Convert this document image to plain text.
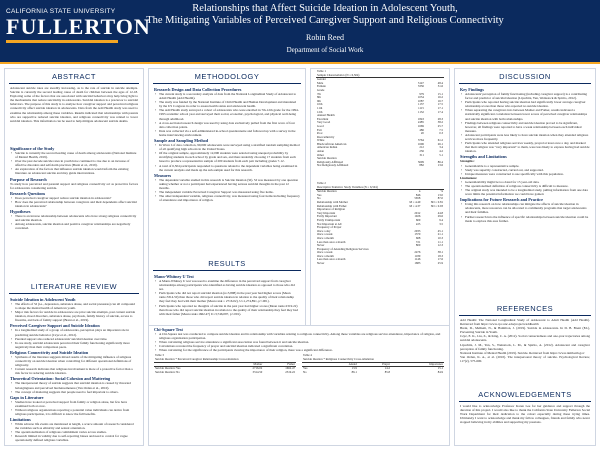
CALIFORNIA STATE UNIVERSITY
FULLERTON
Relationships that Affect Suicide Ideation in Adolescent Youth,
The Mitigating Variables of Perceived Caregiver Support and Religious Connectivity
Robin Reed
Department of Social Work
ABSTRACT
Adolescent suicide rates are steadily increasing, as is the rate of suicide in suicide attempts. Suicide is currently the second leading cause of death for children between the ages of 12-18. Exploring some of the factors that are associated with suicidal behaviors may help bring light to the mechanisms that reduce suicidality in adolescents. Suicidal ideation is a precursor to suicidal behaviors. The purpose of this study is to analyze how caregiver support and perceived religious connectivity affect suicide ideation in adolescents. Data from the Add Health study was used to examine the relationship among these variables. Results indicated that relationships with parents who are supportive reduced suicide ideation, and religious connectivity was related to lower suicidal ideation. This information can be used to help mitigate adolescent suicide deaths.
Significance of the Study
• Suicide is currently the second leading cause of death among adolescents (National Institute of Mental Health, 2019).
• Over the past decade suicide rates in youth have continued to rise due to an increase of affective disorders and self-harm practices (Brent et al., 2019).
• An exploration of the factors that influence suicide ideation would inform the existing literature on adolescent suicide and may guide interventions.
Purpose of Research
To study how perceived and parental support and religious connectivity act as protective factors for adolescents considering suicide.
Research Questions
• Does perceived caregiver support reduce suicide ideation in adolescents?
• How does the perceived relationship between caregivers and their dependents affect suicidal ideation in adolescents?
Hypotheses
• There is an inverse relationship between adolescents who have strong religious connectivity and suicide ideation.
• Among adolescents, suicide ideation and positive caregiver relationships are negatively correlated.
LITERATURE REVIEW
Suicide Ideation in Adolescent Youth
• The effects of SI (i.e., depression, substance abuse, and social pressures) can all compound to shape the mental health of American youth.
• Major risk factors for suicide in adolescence are prior suicide attempts, past current suicide ideation, mood disorders, substance abuse, psychosis, family history of suicide, access to firearms, and lack of family support (Brent et al., 2019).
Perceived Caregiver Support and Suicide Ideation
• In a longitudinal study of a group of adolescents, perception plays an important role in predicting suicide behavior (Czyz et al., 2012).
• Parental support also reduced adolescents' suicidal ideation over time.
• In one study, suicidal adolescents perceived their family functioning significantly more negatively than their comparison peers.
Religious Connectivity and Suicide Ideation
• Synthesis of the literature suggests mixed results of the mitigating influence of religious connectivity on suicide ideation when controlling for different operational definitions of religiosity.
• Current research indicates that religious involvement is more of a protective factor than a risk factor in reducing suicide ideation.
Theoretical Orientation: Social Cohesion and Mattering
• The interpersonal theory of suicide suggests that suicidal ideation is caused by thwarted belongingness and perceived burdensomeness (Van Orden et al., 2010).
• The concept of mattering suggests that people need to feel important to others.
Gaps in Literature
• Studies have looked at perceived support from family or religion alone, but few have examined both at once.
• Without religious organizations reporting a potential value individuals can derive from religious participation, it is difficult to know the full benefits.
Limitations
• While adverse life events are mentioned at length, a scarce amount of research considered the variables such as ethnicity and sexual orientation.
• The operationalization of religious commitment varies across studies.
• Research limited in validity due to self-reporting biases and need to control for vague operationally defined religious variables.
METHODOLOGY
Research Design and Data Collection Procedures
• The current study is a secondary analysis of data from the National Longitudinal Study of Adolescent to Adult Health (Add Health).
• The study was funded by the National Institute of Child Health and Human Development and mandated by the US Congress in order to assess health status and adolescent health.
• The Add Health study surveyed a cohort of adolescents who were enrolled in 7th-12th grade for the 1994-1995 academic school year and surveyed their social, economic, psychological, and physical well-being through adulthood.
• A cross-sectional research design was used by using data exclusively pulled from the first wave of four data collection points.
• Data was collected via a self-administered in-school questionnaire and followed up with a survey in the home interviewing environment.
Sample and Sampling Method
• In Wave I of data collection, 90,000 adolescents were surveyed using a stratified random sampling method of all qualifying high schools in the United States.
• Of the original sample, approximately 12,000 students were selected using unequal probability by stratifying students in each school by grade and sex, and then randomly choosing 17 students from each based to produce a representative sample of 200 students from each pair including grades 7-12.
• A total of 6,504 participants responded to questions related to the dependent variables being examined in the current analysis and made up the sub-sample used for this research.
Measures
• The dependent variable studied in this research is Suicide Ideation (SI). SI was measured by one question asking whether or not a participant had experienced having serious suicidal thoughts in the past 12 months.
• The independent variable Perceived Caregiver Support was measured using five items.
• The other independent variable, religious connectivity, was measured using four items including frequency of attendance and importance of religion.
RESULTS
Mann-Whitney U Test
• A Mann-Whitney U test was used to examine the difference in the perceived support from caregiver relationships among participants who identified as having suicide ideation as opposed to those who did not.
• Participants who did not report suicidal ideation (n=3,898) in the past year had higher scores (Mean rank=3314.50) than those who did report suicide ideation in relation to the quality of their relationship they feel they had with their mother (Mean rank = 2716.02), U=1,274,891, p<.001).
• Participants who reported no thoughts of suicide in the past year had higher scores (Mean rank=2319.22) than those who did report suicide ideation in relation to the quality of their relationship they feel they had with their father (Mean rank=1662.47) U=3,746,097, p<.001).
Table 1		
Sample Characteristics (N = 6,504)		
Gender		
Male	3147	48.4
Female	3356	51.6
Grade		
7th	979	15.1
8th	1054	16.2
9th	1087	16.7
10th	1137	17.5
11th	1115	17.1
12th	1132	17.4
Annual Health		
Excellent	1843	28.3
Very Good	2485	38.2
Good	1669	25.7
Fair	486	7.5
Poor	20	0.3
Race/ethnicity		
White	3764	61.2
Black/African American	1606	26.1
American Indian	212	3.4
Asian	256	4.2
Other	311	5.1
Suicide Ideation		
Religiously Affiliated	5609	86.4
Not Religiously Affiliated	882	13.6
Table 2		
Descriptive Statistics: Study Variables (N = 6,504)		
Suicide Ideation	n	%
Yes	846	13.0
No	5658	87.0
Relationship with Mother	M = 4.49	SD = 0.81
Relationship with Father	M = 4.37	SD = 0.93
Importance of Religion		
Very Important	2912	44.8
Fairly Important	1926	29.6
Fairly Unimportant	609	9.4
Not Important at All	225	3.5
Frequency of Prayer		
Once a day	2933	45.1
Once a week	1370	21.1
Once a month	668	10.3
Less than once a month	721	11.1
Never	800	12.3
Frequency of Attending Religious Services		
Once a week	2476	38.1
Once a month	1189	18.3
Less than once a month	1146	17.6
Never	1683	25.9
Chi-Square Test
• A Chi-Square test was conducted to compare suicide ideation and its relationship with variables relating to religious connectivity. Among these variables are religious service attendance, importance of religion, and religious organization participation.
• When calculating religious service attendance a significant association was found between it and suicide ideation.
• Calculations revealed the frequency of prayer and suicidal ideation indicated a significant correlation.
• When calculating for the significance of the participants viewing the importance of their religion, there was a significant difference.
Table 3		
Suicide Ideation * Perceived Caregiver Relationship Cross-tabulation		
	Mother	Father
Suicide Ideation: Yes	2716.02	1662.47
Suicide Ideation: No	3314.50	2319.22
Table 4			
Suicide Ideation * Religious Connectivity Cross-tabulation			
	Attend	Prayer	Importance
Yes	13.9	14.2	15.1
No	86.1	85.8	84.9
DISCUSSION
Key Findings
• Adolescents' perception of family functioning (including caregiver support) is a contributing factor and predictor of suicidal ideation (Lipschitz, Yen, Weinstock & Spirito, 2012).
• Participants who reported having suicide ideation had significantly lower average caregiver relationship scores than those who reported no suicide ideation.
• When separating the caregivers into between Mother and Father, results indicated a statistically significant correlation between lower scores of perceived caregiver relationships and suicide ideation with both relationships.
• Findings between religious connectivity and suicide ideation proved to be significant, however, all findings were reported to have a weak relationship between each individual measure.
• Adolescent participants were less likely to have suicide ideation when they attended religious services more frequently.
• Participants who attended religious services weekly, prayed at least once a day, and marked that their religion was "very important" to them, were less likely to express having had suicide ideation.
Strengths and Limitations
Strengths:
• Generalizable to a representative sample.
• Study was superbly constructed, carried out, and supported.
• Unique measures were constructed to use specifically with this population.
Limitations:
• Generalizability might be too dated for 15 year-old data.
• The operationalized definition of religious connectivity is difficult to measure.
• The original study was intended to be a longitudinal study, pulling information from one data wave limits the potential information we could have gained.
Implications for Future Research and Practice
• Using this research on how relationships can mitigate the affects of suicide ideation in adolescents, more resources can be allocated to community programs that target adolescents and their families.
• Further research into the influence of specific relationships between suicide ideation could be made to explore this area further.
REFERENCES
Add Health: The National Longitudinal Study of Adolescent to Adult Health (Add Health). Retrieved from https://www.cpc.unc.edu/projects/addhealth
Brent, D., Melhem, N., & Hamilton, J. (2019). Suicide in adolescents. In D. B. Brent (Ed.), Preventing Suicide in Youth.
Czyz, E. K., Liu, Z., & King, C. A. (2012). Social connectedness and one-year trajectories among suicidal adolescents.
Lipschitz, J. M., Yen, S., Weinstock, L. M., & Spirito, A. (2012). Adolescent and caregiver perception of family functioning.
National Institute of Mental Health (2019). Suicide. Retrieved from https://www.nimh.nih.gov
Van Orden, K. A., et al. (2010). The interpersonal theory of suicide. Psychological Review, 117(2), 575-600.
ACKNOWLEDGEMENTS
I would like to acknowledge Professor Karen Lee for her guidance and support through the duration of this project. I would also like to thank the California State University Fullerton Social Work Department for their dedication to the cohort especially during these trying times. Ultimately I want to acknowledge and thank my fellow colleagues, friends and family who never stopped believing in my abilities and supporting my passions.
